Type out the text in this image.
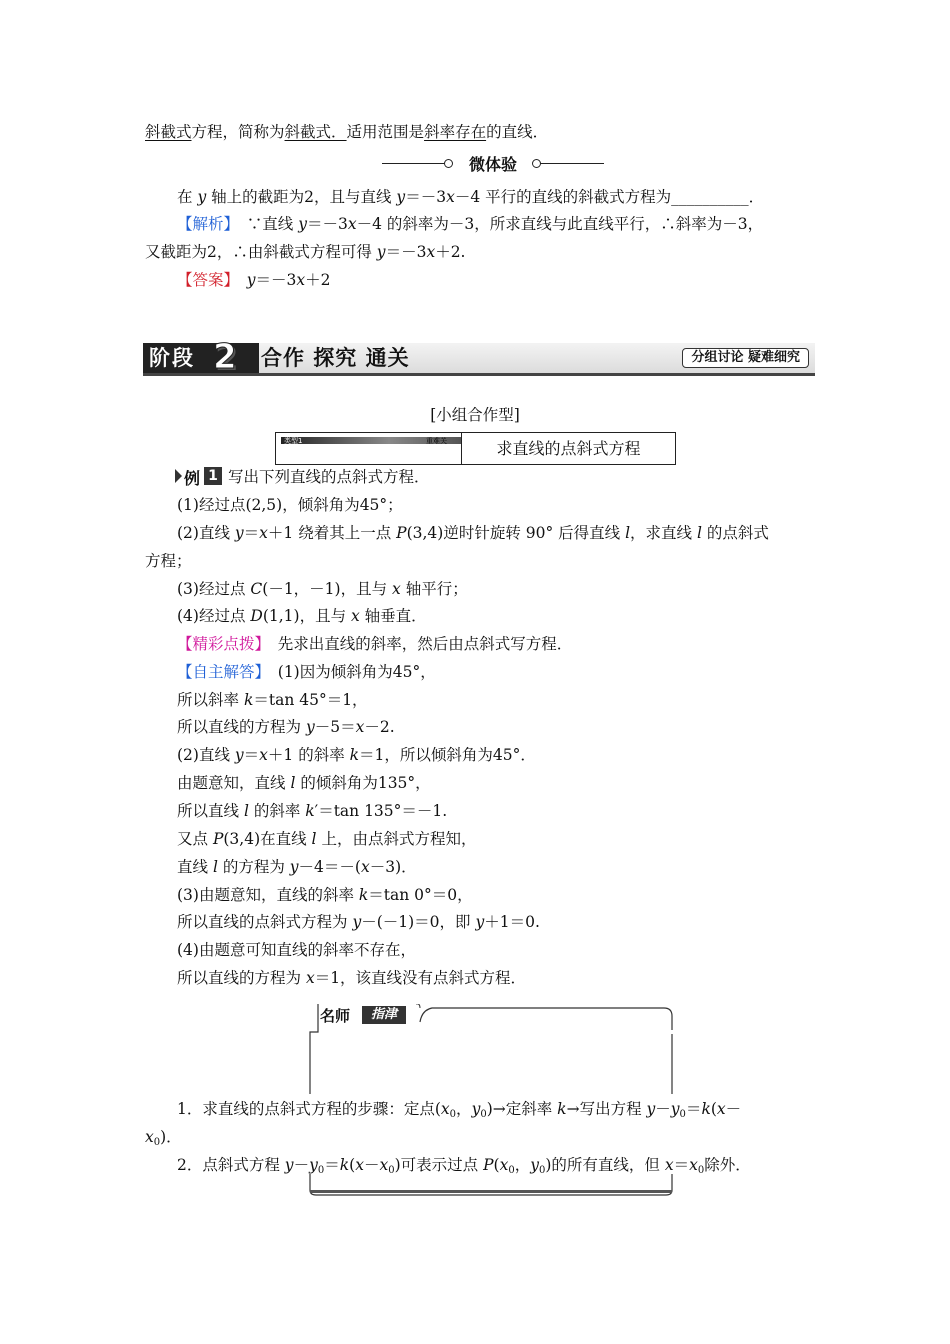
斜截式方程，简称为斜截式．适用范围是斜率存在的直线．
微体验
在 y 轴上的截距为2，且与直线 y＝－3x－4 平行的直线的斜截式方程为__________．
【解析】　∵直线 y＝－3x－4 的斜率为－3，所求直线与此直线平行，∴斜率为－3，
又截距为2，∴由斜截式方程可得 y＝－3x＋2.
【答案】　 y＝－3x＋2
阶段 2 合作 探究 通关	分组讨论 疑难细究
[小组合作型]
类型1	重难关	求直线的点斜式方程
例 1 写出下列直线的点斜式方程．
(1)经过点(2,5)，倾斜角为45°；
(2)直线 y＝x＋1 绕着其上一点 P(3,4)逆时针旋转 90° 后得直线 l，求直线 l 的点斜式
方程；
(3)经过点 C(－1，－1)，且与 x 轴平行；
(4)经过点 D(1,1)，且与 x 轴垂直．
【精彩点拨】　先求出直线的斜率，然后由点斜式写方程．
【自主解答】　(1)因为倾斜角为45°，
所以斜率 k＝tan 45°＝1，
所以直线的方程为 y－5＝x－2.
(2)直线 y＝x＋1 的斜率 k＝1，所以倾斜角为45°．
由题意知，直线 l 的倾斜角为135°，
所以直线 l 的斜率 k′＝tan 135°＝－1.
又点 P(3,4)在直线 l 上，由点斜式方程知，
直线 l 的方程为 y－4＝－(x－3)．
(3)由题意知，直线的斜率 k＝tan 0°＝0，
所以直线的点斜式方程为 y－(－1)＝0，即 y＋1＝0.
(4)由题意可知直线的斜率不存在，
所以直线的方程为 x＝1，该直线没有点斜式方程．
名师	指津
1．求直线的点斜式方程的步骤：定点($x_0$，$y_0)\to$定斜率 k→写出方程 $y-y_0=k(x-$
$x_0$)．
2．点斜式方程 $y-y_0=k(x-x_0)$可表示过点 $P(x_0$，$y_0$)的所有直线，但 $x=x_0$除外．
